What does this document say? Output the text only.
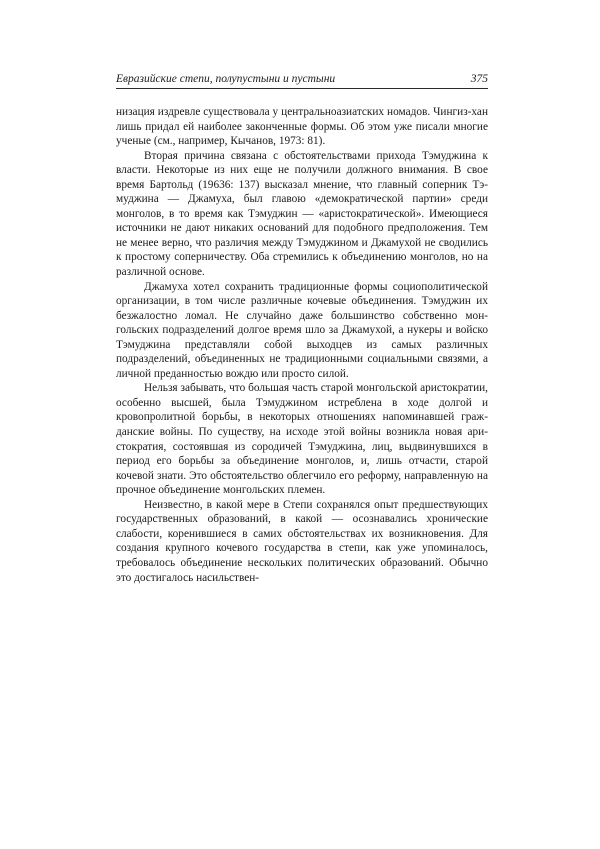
Евразийские степи, полупустыни и пустыни	375

низация издревле существовала у центральноазиатских номадов. Чингиз-хан лишь придал ей наиболее законченные формы. Об этом уже писали многие ученые (см., например, Кычанов, 1973: 81).

Вторая причина связана с обстоятельствами прихода Тэмуджина к власти. Некоторые из них еще не получили должного внимания. В свое время Бартольд (19636: 137) высказал мнение, что главный соперник Тэмуджина — Джамуха, был главою «демократической партии» среди монголов, в то время как Тэмуджин — «аристократической». Имеющиеся источники не дают никаких оснований для подобного предположения. Тем не менее верно, что различия между Тэмуджином и Джамухой не сводились к простому соперничеству. Оба стремились к объединению монголов, но на различной основе.

Джамуха хотел сохранить традиционные формы социополитической организации, в том числе различные кочевые объединения. Тэмуджин их безжалостно ломал. Не случайно даже большинство собственно монгольских подразделений долгое время шло за Джамухой, а нукеры и войско Тэмуджина представляли собой выходцев из самых различных подразделений, объединенных не традиционными социальными связями, а личной преданностью вождю или просто силой.

Нельзя забывать, что большая часть старой монгольской аристократии, особенно высшей, была Тэмуджином истреблена в ходе долгой и кровопролитной борьбы, в некоторых отношениях напоминавшей гражданские войны. По существу, на исходе этой войны возникла новая аристократия, состоявшая из сородичей Тэмуджина, лиц, выдвинувшихся в период его борьбы за объединение монголов, и, лишь отчасти, старой кочевой знати. Это обстоятельство облегчило его реформу, направленную на прочное объединение монгольских племен.

Неизвестно, в какой мере в Степи сохранялся опыт предшествующих государственных образований, в какой — осознавались хронические слабости, коренившиеся в самих обстоятельствах их возникновения. Для создания крупного кочевого государства в степи, как уже упоминалось, требовалось объединение нескольких политических образований. Обычно это достигалось насильствен-
